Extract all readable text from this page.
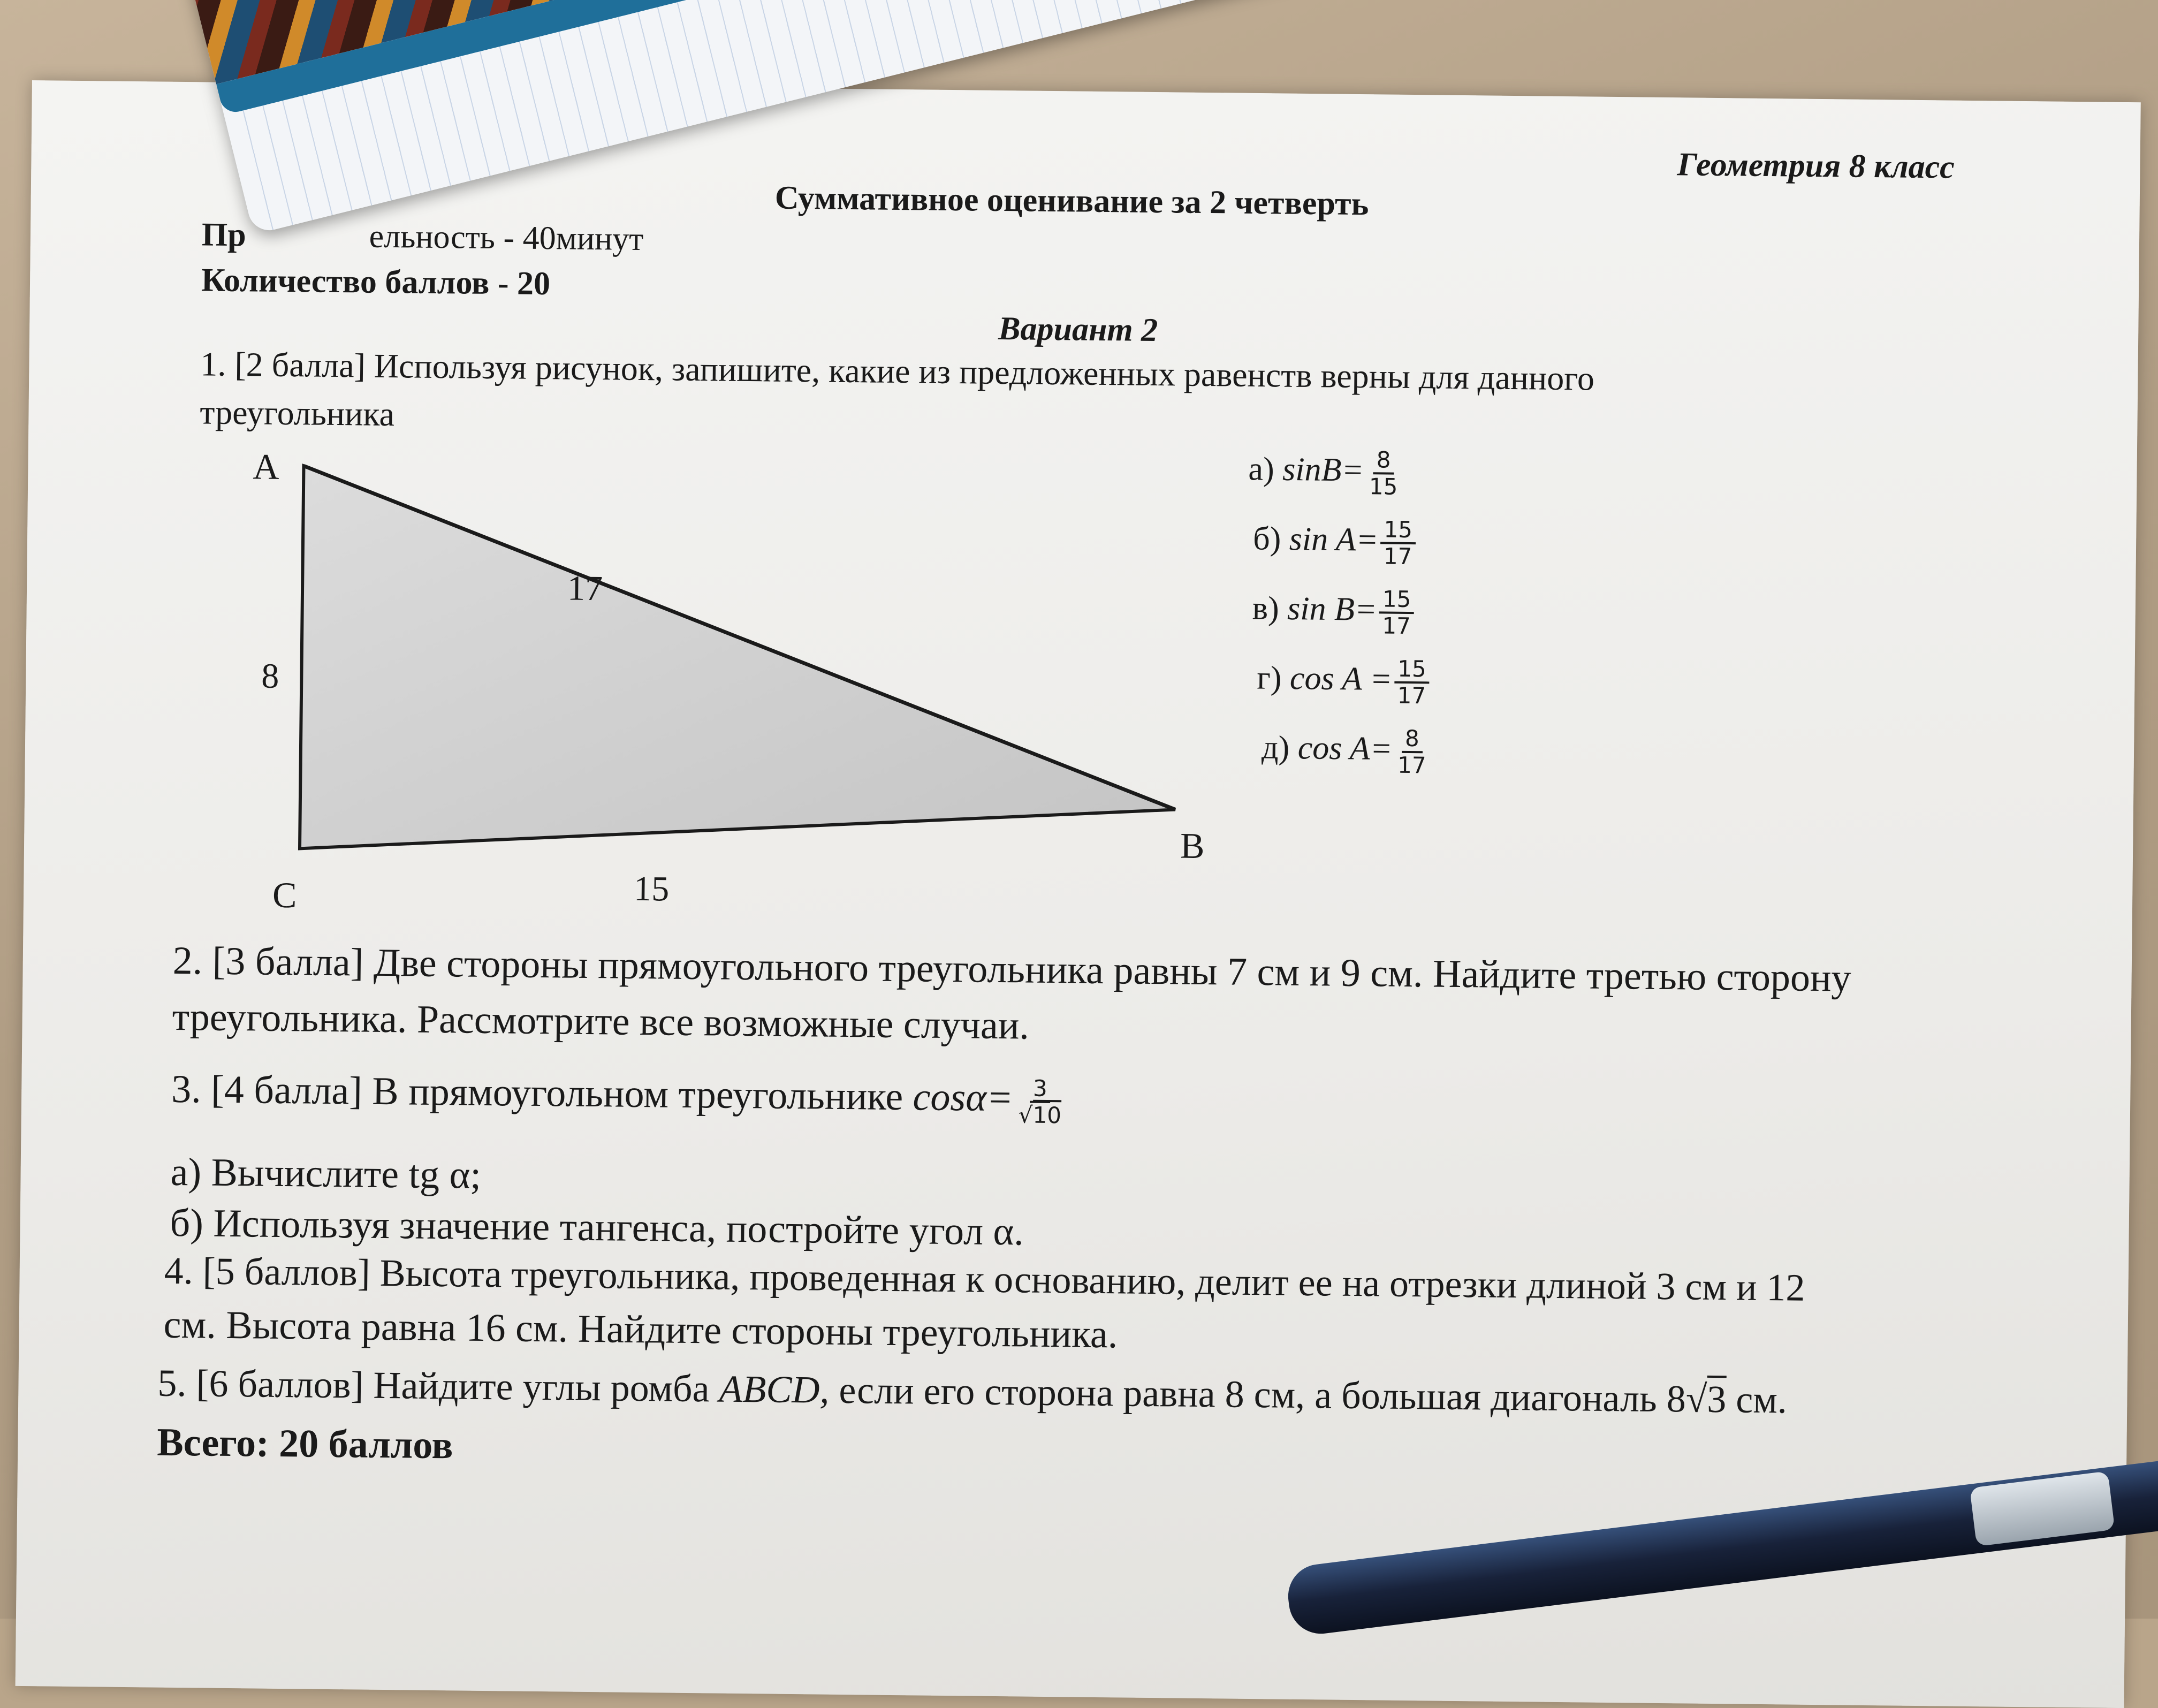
Геометрия 8 класс
Суммативное оценивание за 2 четверть
Пр	ельность - 40минут
Количество баллов - 20
Вариант 2
1. [2 балла] Используя рисунок, запишите, какие из предложенных равенств верны для данного
треугольника
A
B
C
17
8
15
а) $\sin B= \frac{8}{15}$
б) $\sin A= \frac{15}{17}$
в) $\sin B= \frac{15}{17}$
г) $\cos A = \frac{15}{17}$
д) $\cos A= \frac{8}{17}$
2. [3 балла] Две стороны прямоугольного треугольника равны 7 см и 9 см. Найдите третью сторону
треугольника. Рассмотрите все возможные случаи.
3. [4 балла] В прямоугольном треугольнике $\cos\alpha= \frac{3}{√10}$
а) Вычислите tg α;
б) Используя значение тангенса, постройте угол α.
4. [5 баллов] Высота треугольника, проведенная к основанию, делит ее на отрезки длиной 3 см и 12
см. Высота равна 16 см. Найдите стороны треугольника.
5. [6 баллов] Найдите углы ромба ABCD, если его сторона равна 8 см, а большая диагональ 8√3 см.
Всего: 20 баллов
